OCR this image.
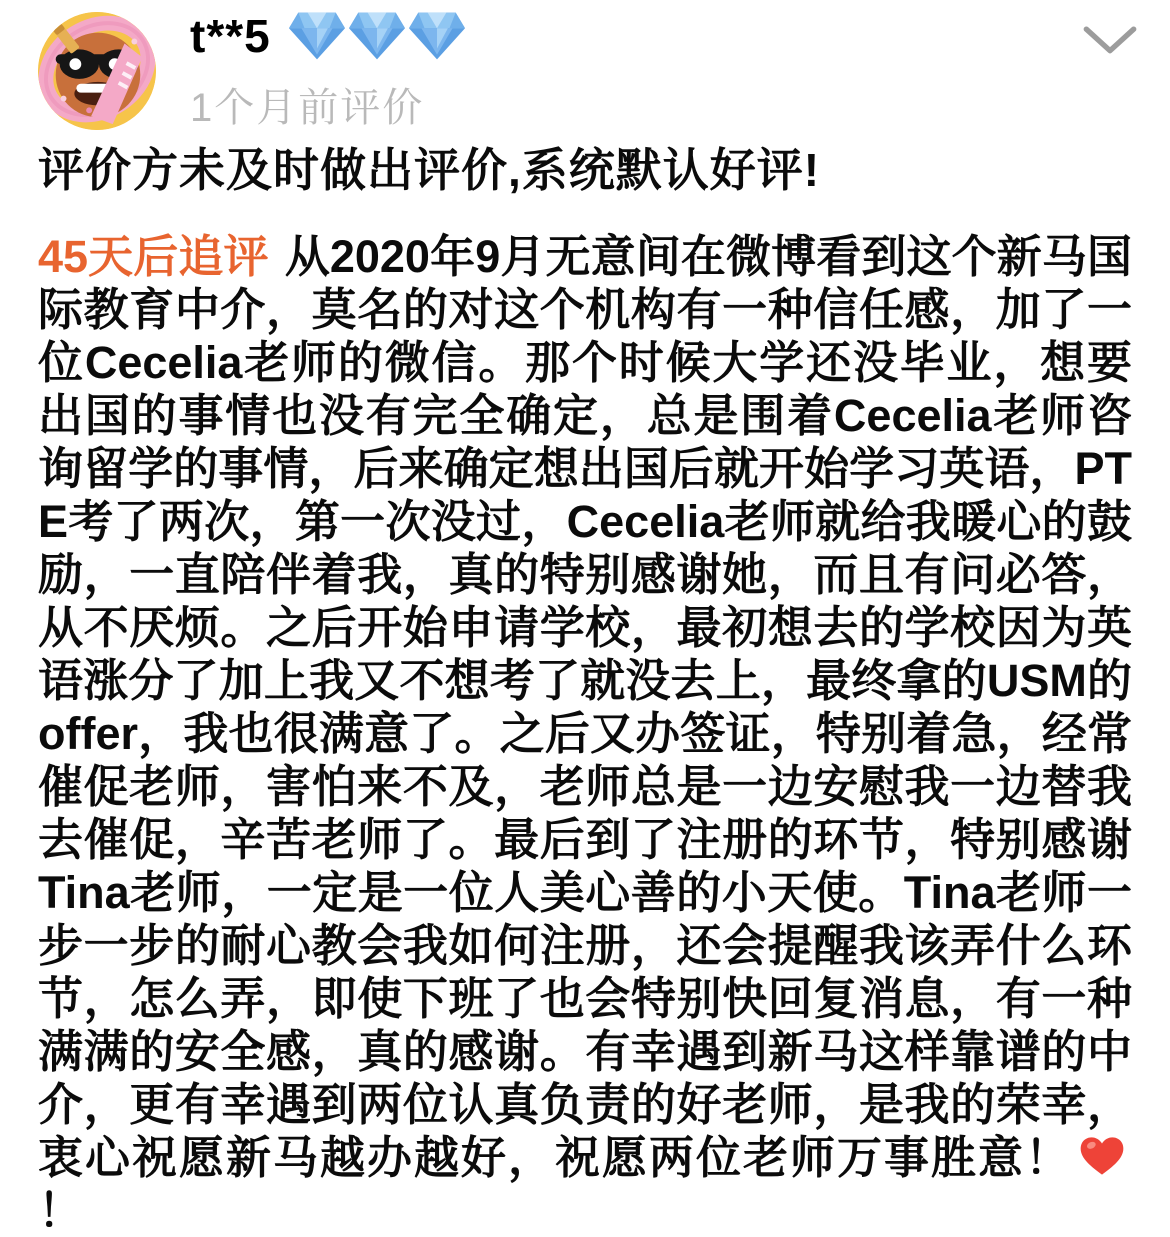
t**5
1个月前评价
评价方未及时做出评价,系统默认好评!
45天后追评 从2020年9月无意间在微博看到这个新马国际教育中介，莫名的对这个机构有一种信任感，加了一位Cecelia老师的微信。那个时候大学还没毕业，想要出国的事情也没有完全确定，总是围着Cecelia老师咨询留学的事情，后来确定想出国后就开始学习英语，PTE考了两次，第一次没过，Cecelia老师就给我暖心的鼓励，一直陪伴着我，真的特别感谢她，而且有问必答，从不厌烦。之后开始申请学校，最初想去的学校因为英语涨分了加上我又不想考了就没去上，最终拿的USM的offer，我也很满意了。之后又办签证，特别着急，经常催促老师，害怕来不及，老师总是一边安慰我一边替我去催促，辛苦老师了。最后到了注册的环节，特别感谢Tina老师，一定是一位人美心善的小天使。Tina老师一步一步的耐心教会我如何注册，还会提醒我该弄什么环节，怎么弄，即使下班了也会特别快回复消息，有一种满满的安全感，真的感谢。有幸遇到新马这样靠谱的中介，更有幸遇到两位认真负责的好老师，是我的荣幸，衷心祝愿新马越办越好，祝愿两位老师万事胜意！
！
